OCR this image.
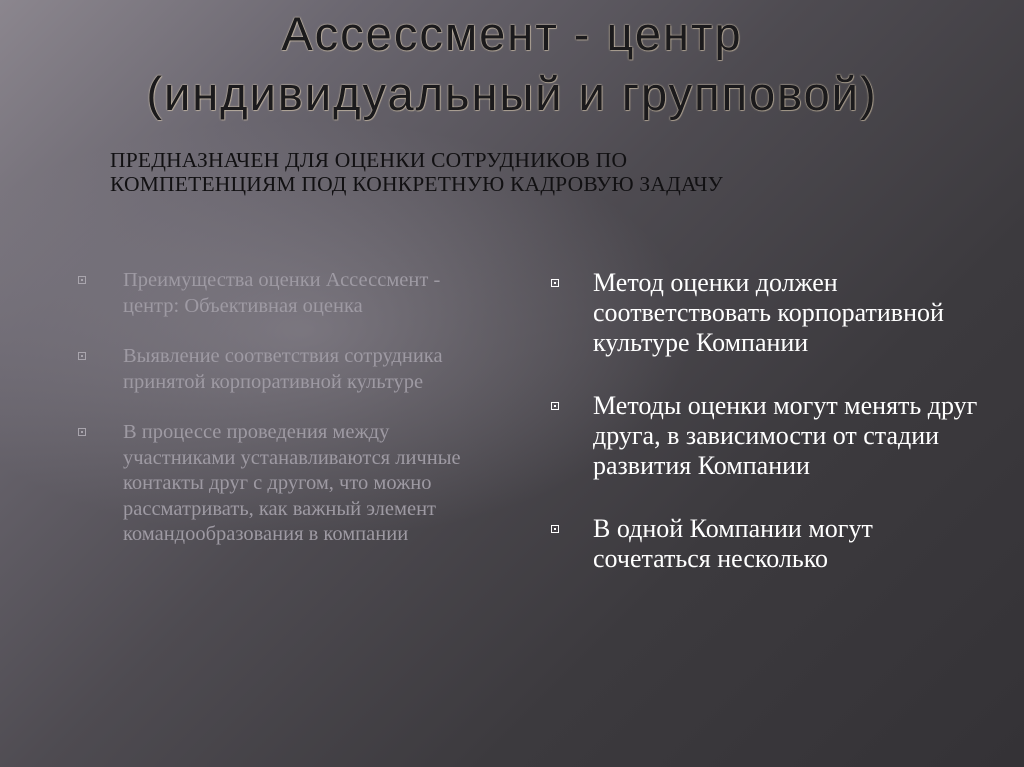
Ассессмент - центр
(индивидуальный и групповой)
ПРЕДНАЗНАЧЕН ДЛЯ ОЦЕНКИ СОТРУДНИКОВ ПО
КОМПЕТЕНЦИЯМ ПОД КОНКРЕТНУЮ КАДРОВУЮ ЗАДАЧУ
Преимущества оценки Ассессмент - центр: Объективная оценка
Выявление соответствия сотрудника принятой корпоративной культуре
В процессе проведения между участниками устанавливаются личные контакты друг с другом, что можно рассматривать, как важный элемент командообразования в компании
Метод оценки должен соответствовать корпоративной культуре Компании
Методы оценки могут менять друг друга, в зависимости от стадии развития Компании
В одной Компании могут сочетаться несколько
